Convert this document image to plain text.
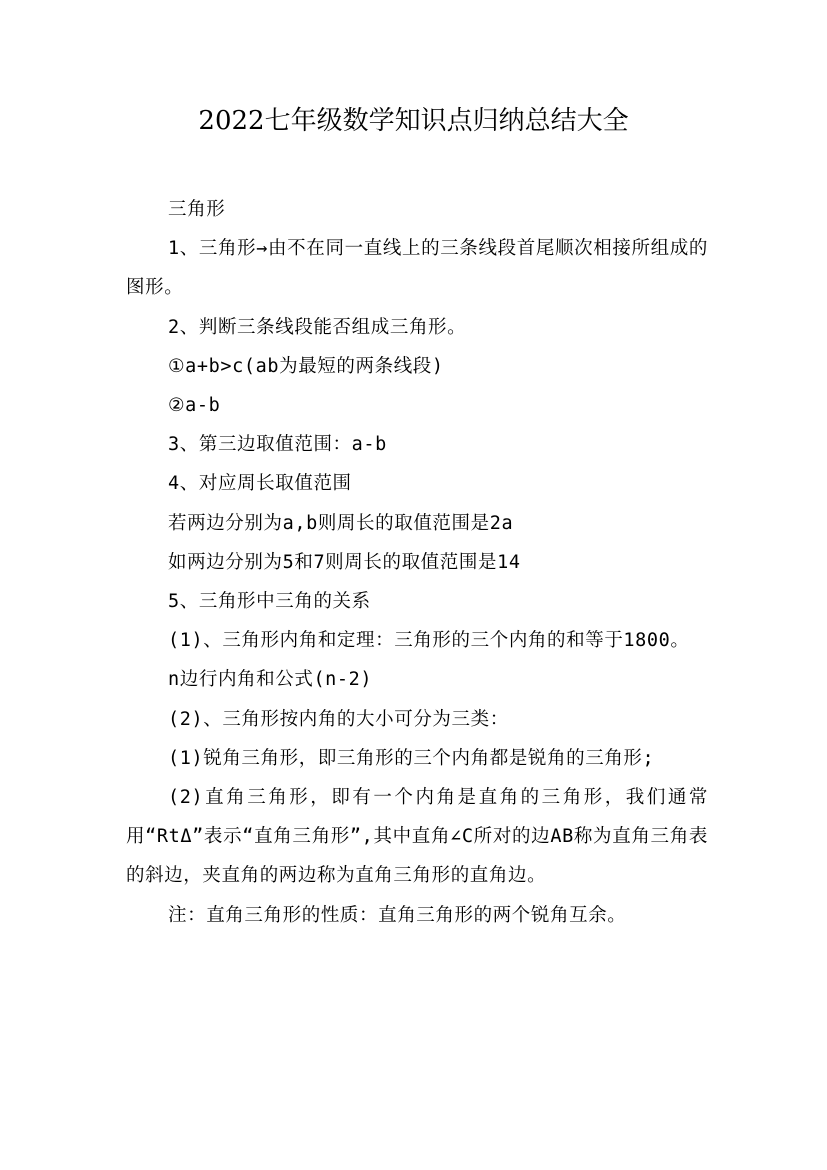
2022七年级数学知识点归纳总结大全

三角形

1、三角形→由不在同一直线上的三条线段首尾顺次相接所组成的图形。

2、判断三条线段能否组成三角形。

①a+b>c(ab为最短的两条线段)

②a-b

3、第三边取值范围：a-b

4、对应周长取值范围

若两边分别为a,b则周长的取值范围是2a

如两边分别为5和7则周长的取值范围是14

5、三角形中三角的关系

(1)、三角形内角和定理：三角形的三个内角的和等于1800。

n边行内角和公式(n-2)

(2)、三角形按内角的大小可分为三类：

(1)锐角三角形，即三角形的三个内角都是锐角的三角形;

(2)直角三角形，即有一个内角是直角的三角形，我们通常用“RtΔ”表示“直角三角形”,其中直角∠C所对的边AB称为直角三角表的斜边，夹直角的两边称为直角三角形的直角边。

注：直角三角形的性质：直角三角形的两个锐角互余。
